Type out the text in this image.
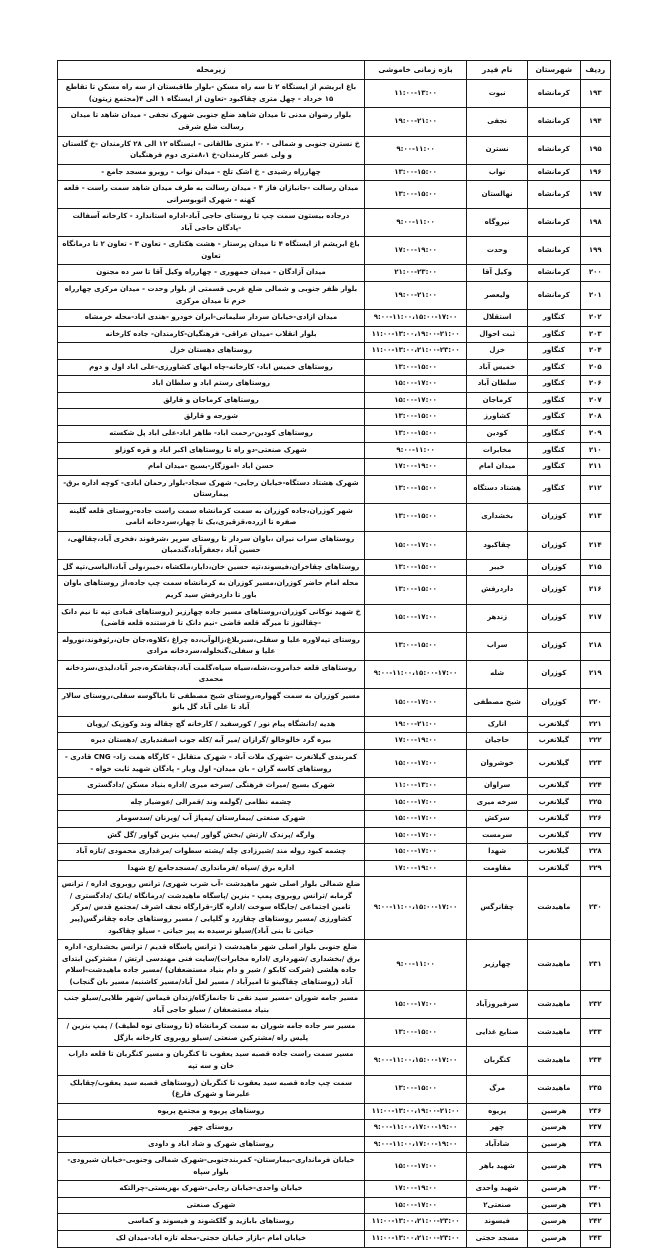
ردیف	شهرستان	نام فیدر	بازه زمانی خاموشی	زیرمحله
۱۹۳	کرمانشاه	نبوت	۱۱:۰۰-۱۳:۰۰	باغ ابریشم از ایستگاه ۲ تا سه راه مسکن -بلوار طاقبستان از سه راه مسکن تا تقاطع ۱۵ خرداد - چهل متری چقاکبود -تعاون از ایستگاه ۱ الی ۴(مجتمع زیتون)
۱۹۴	کرمانشاه	نجفی	۱۹:۰۰-۲۱:۰۰	بلوار رضوان مدنی تا میدان شاهد ضلع جنوبی شهرک نجفی - میدان شاهد تا میدان رسالت ضلع شرقی
۱۹۵	کرمانشاه	نسترن	۹:۰۰-۱۱:۰۰	خ نسترن جنوبی و شمالی - ۲۰ متری طالقانی - ایستگاه ۱۲ الی ۲۸ کارمندان -خ گلستان و ولی عصر کارمندان-خ ۸،۱متری دوم فرهنگیان
۱۹۶	کرمانشاه	نواب	۱۳:۰۰-۱۵:۰۰	چهارراه رشیدی - خ اشک تلخ - میدان نواب - روبرو مسجد جامع -
۱۹۷	کرمانشاه	نهالستان	۱۳:۰۰-۱۵:۰۰	میدان رسالت -جانبازان فاز ۴ - میدان رسالت به طرف میدان شاهد سمت راست - قلعه کهنه - شهرک اتوبوسرانی
۱۹۸	کرمانشاه	نیروگاه	۹:۰۰-۱۱:۰۰	درجاده بیستون سمت چپ تا روستای حاجی آباد-اداره استاندارد - کارخانه آسفالت -پادگان حاجی آباد
۱۹۹	کرمانشاه	وحدت	۱۷:۰۰-۱۹:۰۰	باغ ابریشم از ایستگاه ۴ تا میدان پرستار - هشت هکتاری - تعاون ۳ - تعاون ۲ تا درمانگاه تعاون
۲۰۰	کرمانشاه	وکیل آقا	۲۱:۰۰-۲۳:۰۰	میدان آزادگان - میدان جمهوری - چهارراه وکیل آقا تا سر ده مجنون
۲۰۱	کرمانشاه	ولیعصر	۱۹:۰۰-۲۱:۰۰	بلوار ظفر جنوبی و شمالی ضلع غربی قسمتی از بلوار وحدت - میدان مرکزی چهارراه خرم تا میدان مرکزی
۲۰۲	کنگاور	استقلال	۹:۰۰-۱۱:۰۰،۱۵:۰۰-۱۷:۰۰	میدان ازادی-خیابان سردار سلیمانی-ایران خودرو -هندی اباد-محله خرمشاه
۲۰۳	کنگاور	ثبت احوال	۱۱:۰۰-۱۳:۰۰،۱۹:۰۰-۲۱:۰۰	بلوار انقلاب -میدان عراقی- فرهنگیان-کارمندان- جاده کارخانه
۲۰۴	کنگاور	خزل	۱۱:۰۰-۱۳:۰۰،۲۱:۰۰-۲۳:۰۰	روستاهای دهستان خزل
۲۰۵	کنگاور	خمیس آباد	۱۳:۰۰-۱۵:۰۰	روستاهای خمیس اباد- کارخانه-چاه ابهای کشاورزی-علی اباد اول و دوم
۲۰۶	کنگاور	سلطان آباد	۱۵:۰۰-۱۷:۰۰	روستاهای رستم اباد و سلطان اباد
۲۰۷	کنگاور	کرماجان	۱۵:۰۰-۱۷:۰۰	روستاهای کرماجان و قارلق
۲۰۸	کنگاور	کشاورز	۱۳:۰۰-۱۵:۰۰	شورجه و قارلق
۲۰۹	کنگاور	کودین	۱۳:۰۰-۱۵:۰۰	روستاهای کودین-رحمت اباد- طاهر اباد-علی اباد پل شکسته
۲۱۰	کنگاور	مخابرات	۹:۰۰-۱۱:۰۰	شهرک صنعتی-دو راه تا روستاهای اکبر اباد و قره کوزلو
۲۱۱	کنگاور	میدان امام	۱۷:۰۰-۱۹:۰۰	حسن اباد -اموزگار-بسیج -میدان امام
۲۱۲	کنگاور	هشتاد دستگاه	۱۳:۰۰-۱۵:۰۰	شهرک هشتاد دستگاه-خیابان رجایی- شهرک سجاد-بلوار رحمان ابادی- کوچه اداره برق-بیمارستان
۲۱۳	کوزران	بخشداری	۱۳:۰۰-۱۵:۰۰	شهر کوزران،جاده کوزران به سمت کرمانشاه سمت راست جاده-روستای قلعه گلینه صفره تا ازرده،قزقیری،یک تا چهار،سردخانه انامی
۲۱۴	کوزران	چقاکبود	۱۵:۰۰-۱۷:۰۰	روستاهای سراب نیران ،باوان سردار تا روستای سرپر ،شرفوند ،فخری آباد،چقالهی، حسین آباد ،جعفرآباد،گندمبان
۲۱۵	کوزران	خیبر	۱۳:۰۰-۱۵:۰۰	روستاهای چقاخران،فیسوند،تپه حسین خان،دایار،ملکشاه ،خیبر،ولی آباد،الیاسی،تپه گل
۲۱۶	کوزران	داردرفش	۱۳:۰۰-۱۵:۰۰	محله امام حاضر کوزران،مسیر کوزران به کرمانشاه سمت چپ جاده،از روستاهای باوان باور تا داردرفش سید کریم
۲۱۷	کوزران	زندهر	۱۵:۰۰-۱۷:۰۰	خ شهید نوکانی کوزران،روستاهای مسیر جاده چهارزبر (روستاهای قبادی تپه تا نیم دانک -چقالنوز تا میرگه قلعه قاضی -نیم دانک تا فرستنده قلعه قاضی)
۲۱۸	کوزران	سراب	۱۳:۰۰-۱۵:۰۰	روستای تپه‌لاوره علیا و سفلی،سبزبلاغ،زالوآب،ده چراغ ،کلاوه،جان جان،رئوفوند،نوروله علیا و سفلی،گنخلوله،سردخانه مرادی
۲۱۹	کوزران	شله	۹:۰۰-۱۱:۰۰،۱۵:۰۰-۱۷:۰۰	روستاهای قلعه خدامروت،شله،سیاه سیاه،گلمت آباد،چقاشکره،جبر آباد،لیذی،سردخانه محمدی
۲۲۰	کوزران	شیخ مصطفی	۱۵:۰۰-۱۷:۰۰	مسیر کوزران به سمت گهواره،روستای شیخ مصطفی تا باباگوسه سفلی،روستای سالار آباد تا علی آباد گل بانو
۲۲۱	گیلانغرب	انارک	۱۹:۰۰-۲۱:۰۰	هدیه /دانشگاه پیام نور / کورسفید / کارخانه گچ چقاله وند وکوزیک /رویان
۲۲۲	گیلانغرب	حاجیان	۱۷:۰۰-۱۹:۰۰	بیره گرد خالوخالو /گرازان /میر آبه /کله جوب اسفندیاری /دهستان دیره
۲۲۳	گیلانغرب	خوشروان	۱۵:۰۰-۱۷:۰۰	کمربندی گیلانغرب -شهرک ملات آباد - شهرک متقابل - کارگاه همت زاد- CNG قادری - روستاهای کاسه گران - بان میدان- اول ویار - پادگان شهید ثابت خواه -
۲۲۴	گیلانغرب	سراوان	۱۱:۰۰-۱۳:۰۰	شهرک بسیج /میراث فرهنگی /سرخه میری /اداره بنیاد مسکن /دادگستری
۲۲۵	گیلانغرب	سرخه میری	۱۵:۰۰-۱۷:۰۰	چشمه نظامی /گولمه وند /قمرالی /عوضیار چله
۲۲۶	گیلانغرب	سرکش	۱۵:۰۰-۱۷:۰۰	شهرک صنعتی /بیمارستان /پمپاژ آب /ویزنان /سدسومار
۲۲۷	گیلانغرب	سرمست	۱۵:۰۰-۱۷:۰۰	وارگه /پرندک /ارتش /بخش گواور /پمپ بنزین گواور /گل گش
۲۲۸	گیلانغرب	شهدا	۱۵:۰۰-۱۷:۰۰	چشمه کبود روله مند /شیرزادی چله /پشته سطوات /مرغداری محمودی /تازه آباد
۲۲۹	گیلانغرب	مقاومت	۱۷:۰۰-۱۹:۰۰	اداره برق /سپاه /فرمانداری /مسجدجامع /ع شهدا
۲۳۰	ماهیدشت	چقانرگس	۹:۰۰-۱۱:۰۰،۱۵:۰۰-۱۷:۰۰	ضلع شمالی بلوار اصلی شهر ماهیدشت -آب شرب شهری/ ترانس روبروی اداره / ترانس گرمابه /ترانس روبروی پمپ - بنزین /پاسگاه ماهیدشت /درمانگاه /بانک /دادگستری /تامین اجتماعی /جایگاه سوخت /اداره گاز-قرارگاه نجف اشرف /مجتمع قدس /مرکز کشاورزی /مسیر روستاهای چقازرد و گلپایی / مسیر روستاهای جاده چقانرگس(پیر حیاتی تا بنی آباد)/سیلو نرسیده به پیر حیاتی - سیلو چقاکبود
۲۳۱	ماهیدشت	چهارزبر	۹:۰۰-۱۱:۰۰	ضلع جنوبی بلوار اصلی شهر ماهیدشت ( ترانس پاسگاه قدیم / ترانس بخشداری- اداره برق /بخشداری /شهرداری /اداره مخابرات)/سایت فنی مهندسی ارتش / مشترکین ابتدای جاده هلشی (شرکت کابکو / شیر و دام بنیاد مستضعفان) /مسیر جاده ماهیدشت-اسلام آباد (روستاهای چقاگینو تا امیرآباد / مسیر لعل آباد/مسیر کاشنبه/ مسیر بان گنجاب)
۲۳۲	ماهیدشت	سرفیروزآباد	۱۵:۰۰-۱۷:۰۰	مسیر جامه شوران -مسیر سید نقی تا جانمازگاه/زندان قیماس /شهر طلایی/سیلو جنب بنیاد مستضعفان / سیلو حاجی آباد
۲۳۳	ماهیدشت	صنایع غذایی	۱۳:۰۰-۱۵:۰۰	مسیر سر جاده جامه شوران به سمت کرمانشاه (تا روستای نوه لطیف) / پمپ بنزین / پلیس راه /مشترکین صنعتی /سیلو روبروی کارخانه بازگل
۲۳۴	ماهیدشت	کنگربان	۹:۰۰-۱۱:۰۰،۱۵:۰۰-۱۷:۰۰	مسیر سمت راست جاده قصبه سید یعقوب تا کنگربان و مسیر کنگربان تا قلعه داراب خان و سه تپه
۲۳۵	ماهیدشت	مرگ	۱۳:۰۰-۱۵:۰۰	سمت چپ جاده قصبه سید یعقوب تا کنگربان (روستاهای قصبه سید یعقوب/چقابلک علیرضا و شهرک فارغ)
۲۳۶	هرسین	پریوه	۱۱:۰۰-۱۳:۰۰،۱۹:۰۰-۲۱:۰۰	روستاهای پریوه و مجتمع پریوه
۲۳۷	هرسین	چهر	۹:۰۰-۱۱:۰۰،۱۷:۰۰-۱۹:۰۰	روستای چهر
۲۳۸	هرسین	شادآباد	۹:۰۰-۱۱:۰۰،۱۷:۰۰-۱۹:۰۰	روستاهای شهرک و شاد اباد و داودی
۲۳۹	هرسین	شهید باهر	۱۵:۰۰-۱۷:۰۰	خیابان فرمانداری-بیمارستان- کمربندجنوبی-شهرک شمالی وجنوبی-خیابان شیرودی-بلوار سپاه
۲۴۰	هرسین	شهید واحدی	۱۷:۰۰-۱۹:۰۰	خیابان واحدی-خیابان رجایی-شهرک بهزیستی-چرالتکه
۲۴۱	هرسین	صنعتی۲	۱۵:۰۰-۱۷:۰۰	شهرک صنعتی
۲۴۲	هرسین	فیسوند	۱۱:۰۰-۱۳:۰۰،۲۱:۰۰-۲۳:۰۰	روستاهای بابازید و گلکشوند و فیسوند و کماسی
۲۴۳	هرسین	مسجد حجتی	۱۱:۰۰-۱۳:۰۰،۲۱:۰۰-۲۳:۰۰	خیابان امام -بازار خیابان حجتی-محله تازه اباد-میدان لک
